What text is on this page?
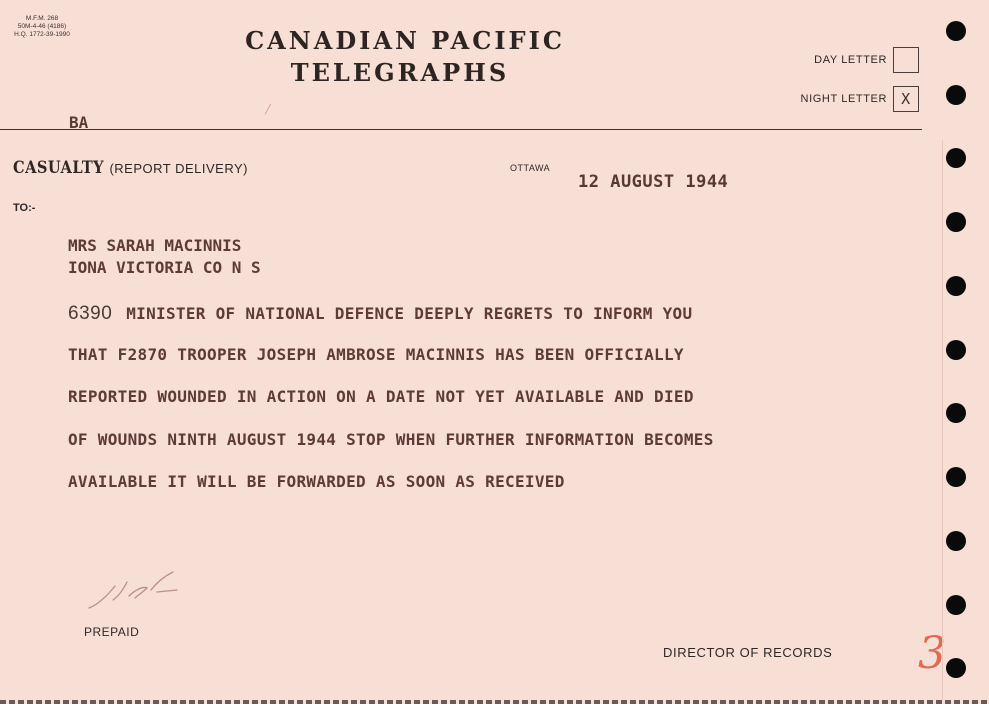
M.F.M. 268
50M-4-46 (4186)
H.Q. 1772-39-1990	CANADIAN PACIFIC
TELEGRAPHS	DAY LETTER
NIGHT LETTER X
BA
CASUALTY (REPORT DELIVERY)	OTTAWA
12 AUGUST 1944
TO:-
MRS SARAH MACINNIS
IONA VICTORIA CO N S
6390 MINISTER OF NATIONAL DEFENCE DEEPLY REGRETS TO INFORM YOU
THAT F2870 TROOPER JOSEPH AMBROSE MACINNIS HAS BEEN OFFICIALLY
REPORTED WOUNDED IN ACTION ON A DATE NOT YET AVAILABLE AND DIED
OF WOUNDS NINTH AUGUST 1944 STOP WHEN FURTHER INFORMATION BECOMES
AVAILABLE IT WILL BE FORWARDED AS SOON AS RECEIVED
PREPAID
DIRECTOR OF RECORDS 3
